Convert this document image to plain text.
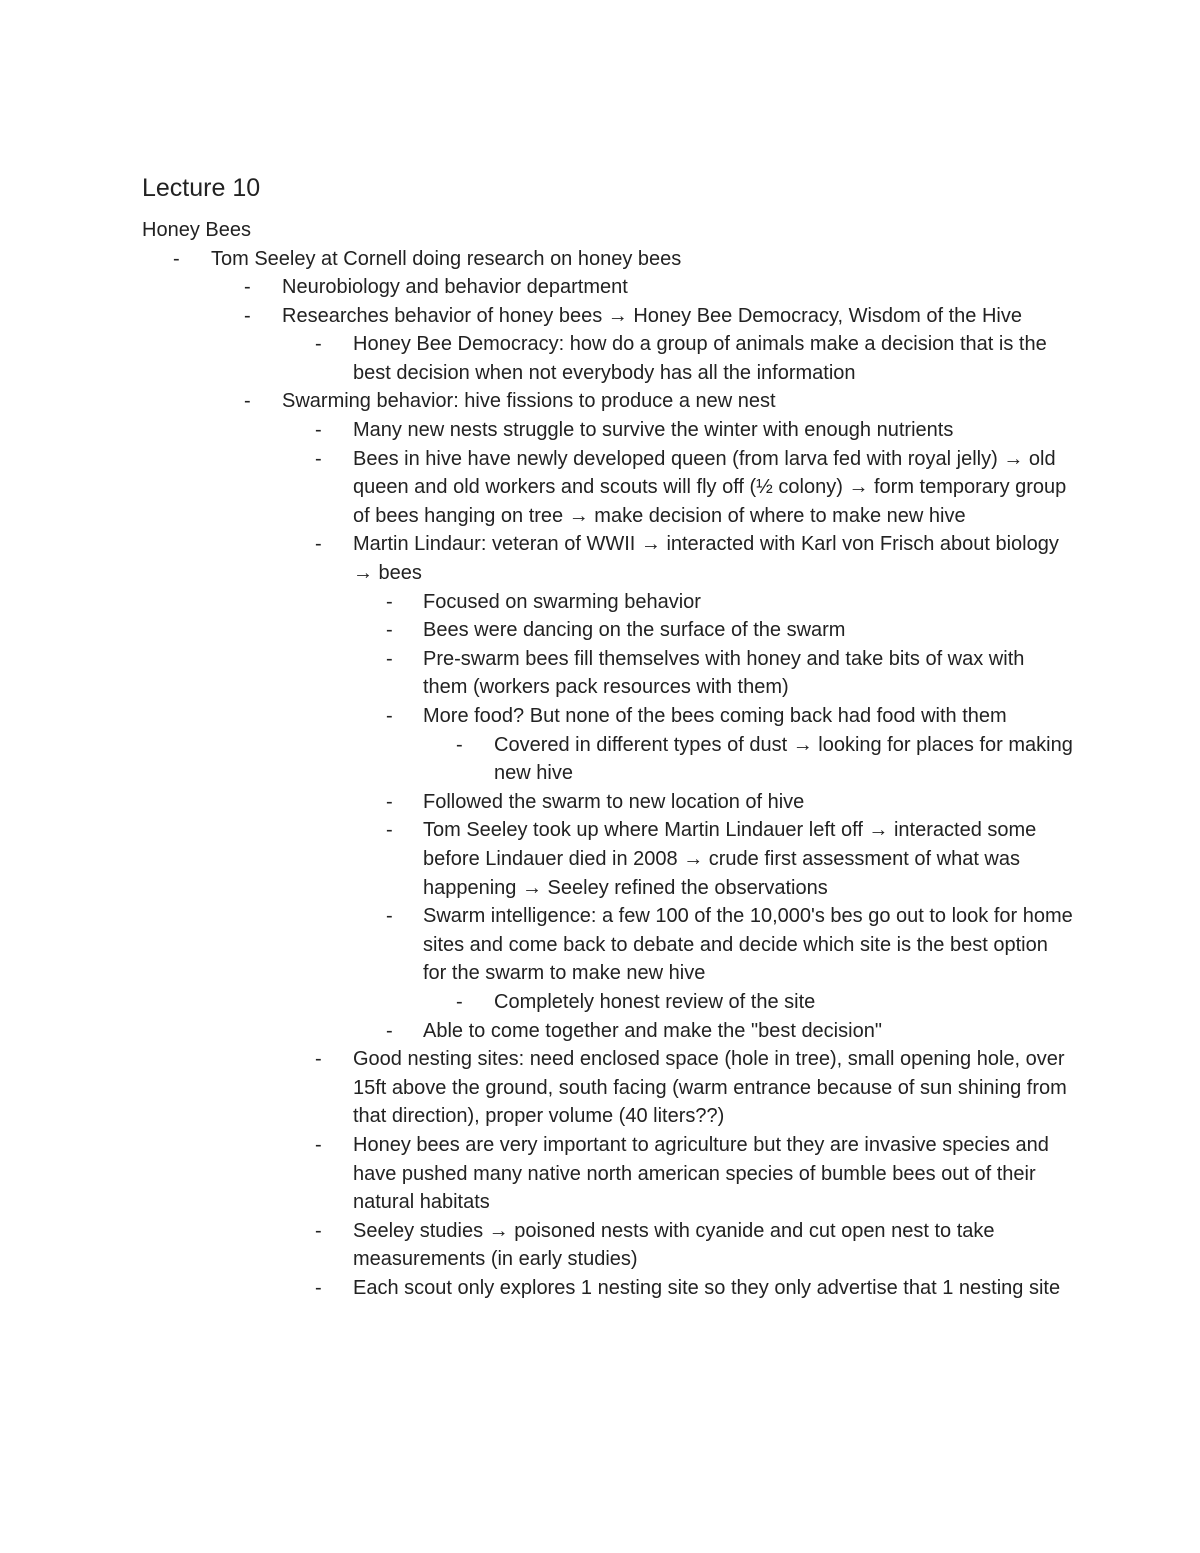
Lecture 10
Honey Bees
- Tom Seeley at Cornell doing research on honey bees
- Neurobiology and behavior department
- Researches behavior of honey bees → Honey Bee Democracy, Wisdom of the Hive
- Honey Bee Democracy: how do a group of animals make a decision that is the best decision when not everybody has all the information
- Swarming behavior: hive fissions to produce a new nest
- Many new nests struggle to survive the winter with enough nutrients
- Bees in hive have newly developed queen (from larva fed with royal jelly) → old queen and old workers and scouts will fly off (½ colony) → form temporary group of bees hanging on tree → make decision of where to make new hive
- Martin Lindaur: veteran of WWII → interacted with Karl von Frisch about biology → bees
- Focused on swarming behavior
- Bees were dancing on the surface of the swarm
- Pre-swarm bees fill themselves with honey and take bits of wax with them (workers pack resources with them)
- More food? But none of the bees coming back had food with them
- Covered in different types of dust → looking for places for making new hive
- Followed the swarm to new location of hive
- Tom Seeley took up where Martin Lindauer left off → interacted some before Lindauer died in 2008 → crude first assessment of what was happening → Seeley refined the observations
- Swarm intelligence: a few 100 of the 10,000's bes go out to look for home sites and come back to debate and decide which site is the best option for the swarm to make new hive
- Completely honest review of the site
- Able to come together and make the "best decision"
- Good nesting sites: need enclosed space (hole in tree), small opening hole, over 15ft above the ground, south facing (warm entrance because of sun shining from that direction), proper volume (40 liters??)
- Honey bees are very important to agriculture but they are invasive species and have pushed many native north american species of bumble bees out of their natural habitats
- Seeley studies → poisoned nests with cyanide and cut open nest to take measurements (in early studies)
- Each scout only explores 1 nesting site so they only advertise that 1 nesting site
